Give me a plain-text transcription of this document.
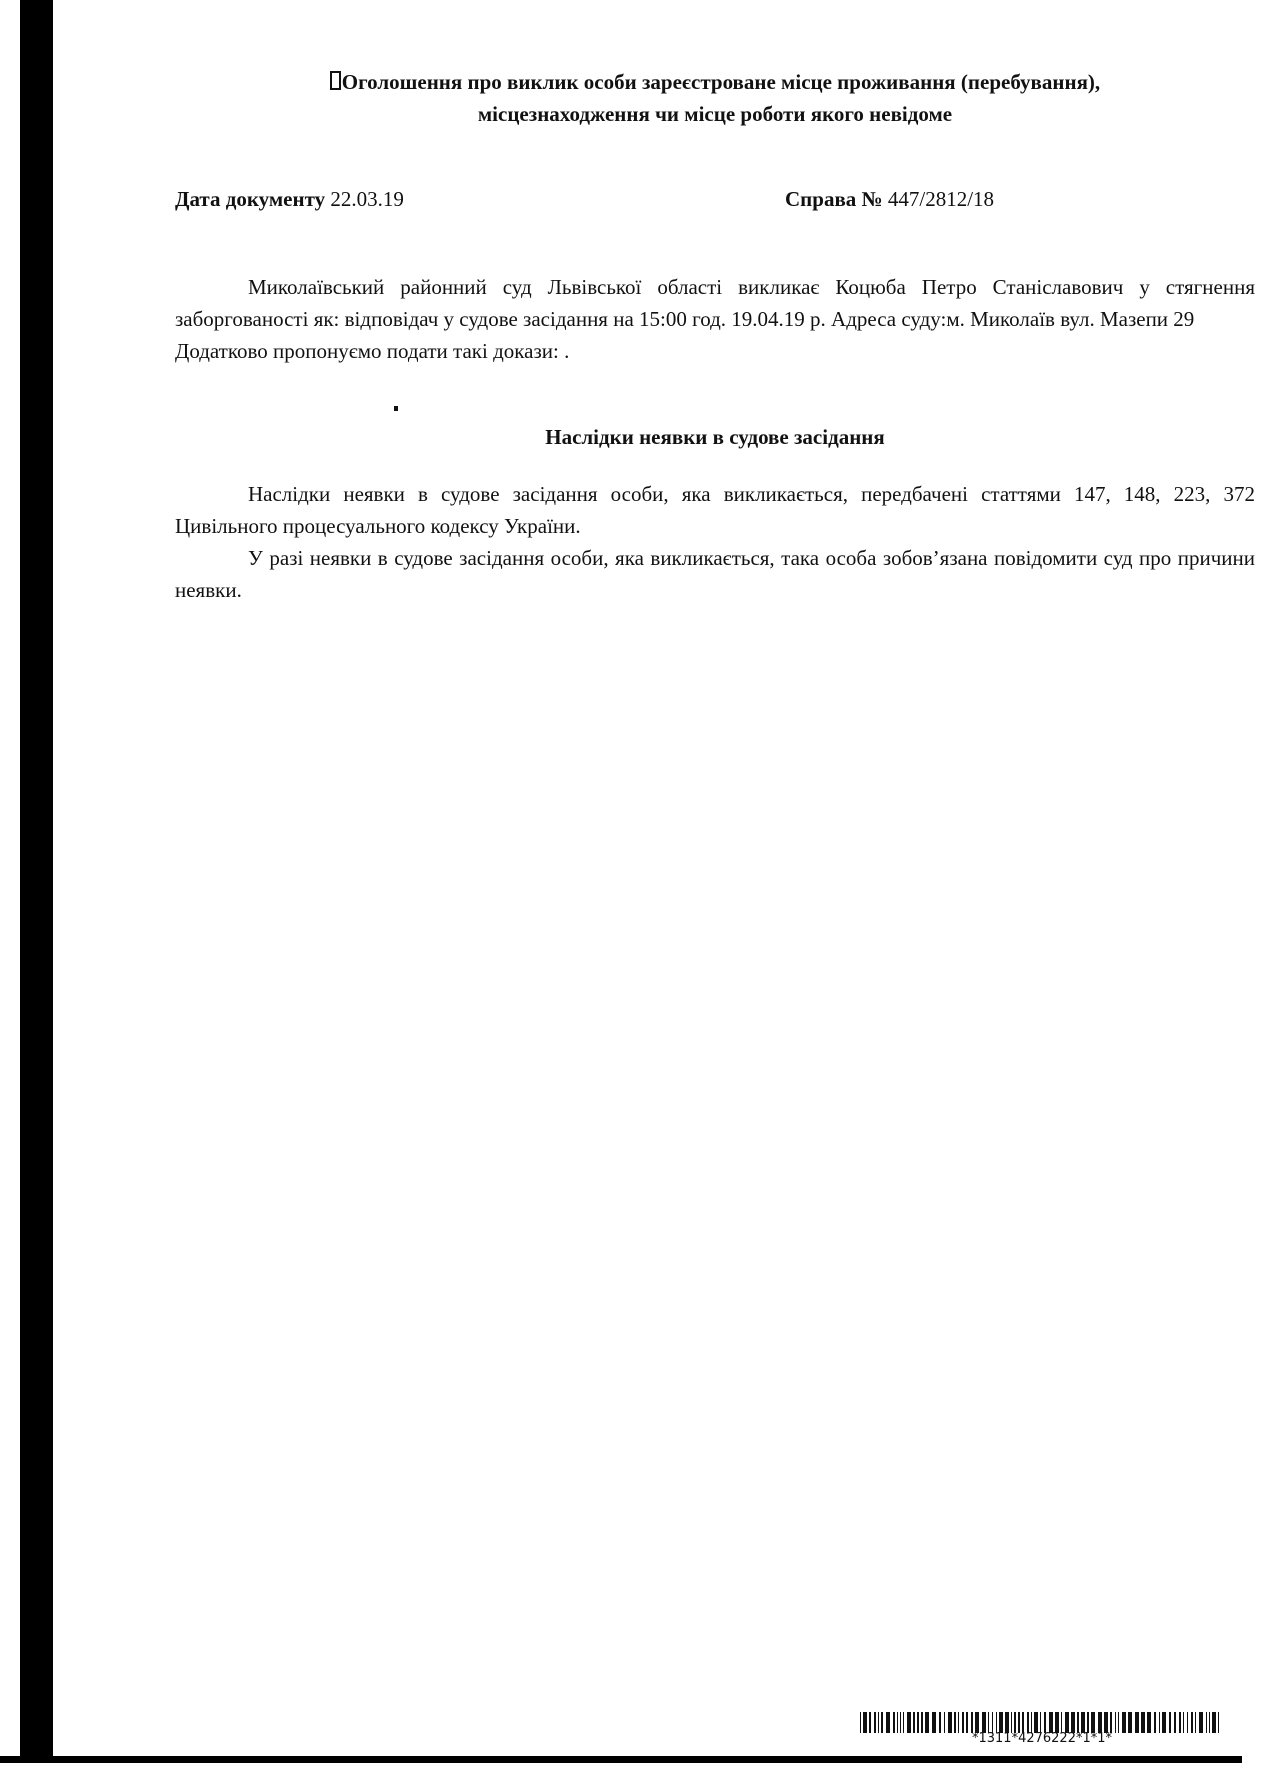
Оголошення про виклик особи зареєстроване місце проживання (перебування),
місцезнаходження чи місце роботи якого невідоме
Дата документу 22.03.19	Справа № 447/2812/18

Миколаївський районний суд Львівської області викликає Коцюба Петро Станіславович у стягнення заборгованості як: відповідач у судове засідання на 15:00 год. 19.04.19 р. Адреса суду:м. Миколаїв вул. Мазепи 29

Додатково пропонуємо подати такі докази: .

Наслідки неявки в судове засідання

Наслідки неявки в судове засідання особи, яка викликається, передбачені статтями 147, 148, 223, 372 Цивільного процесуального кодексу України.

У разі неявки в судове засідання особи, яка викликається, така особа зобов’язана повідомити суд про причини неявки.

*1311*4276222*1*1*
